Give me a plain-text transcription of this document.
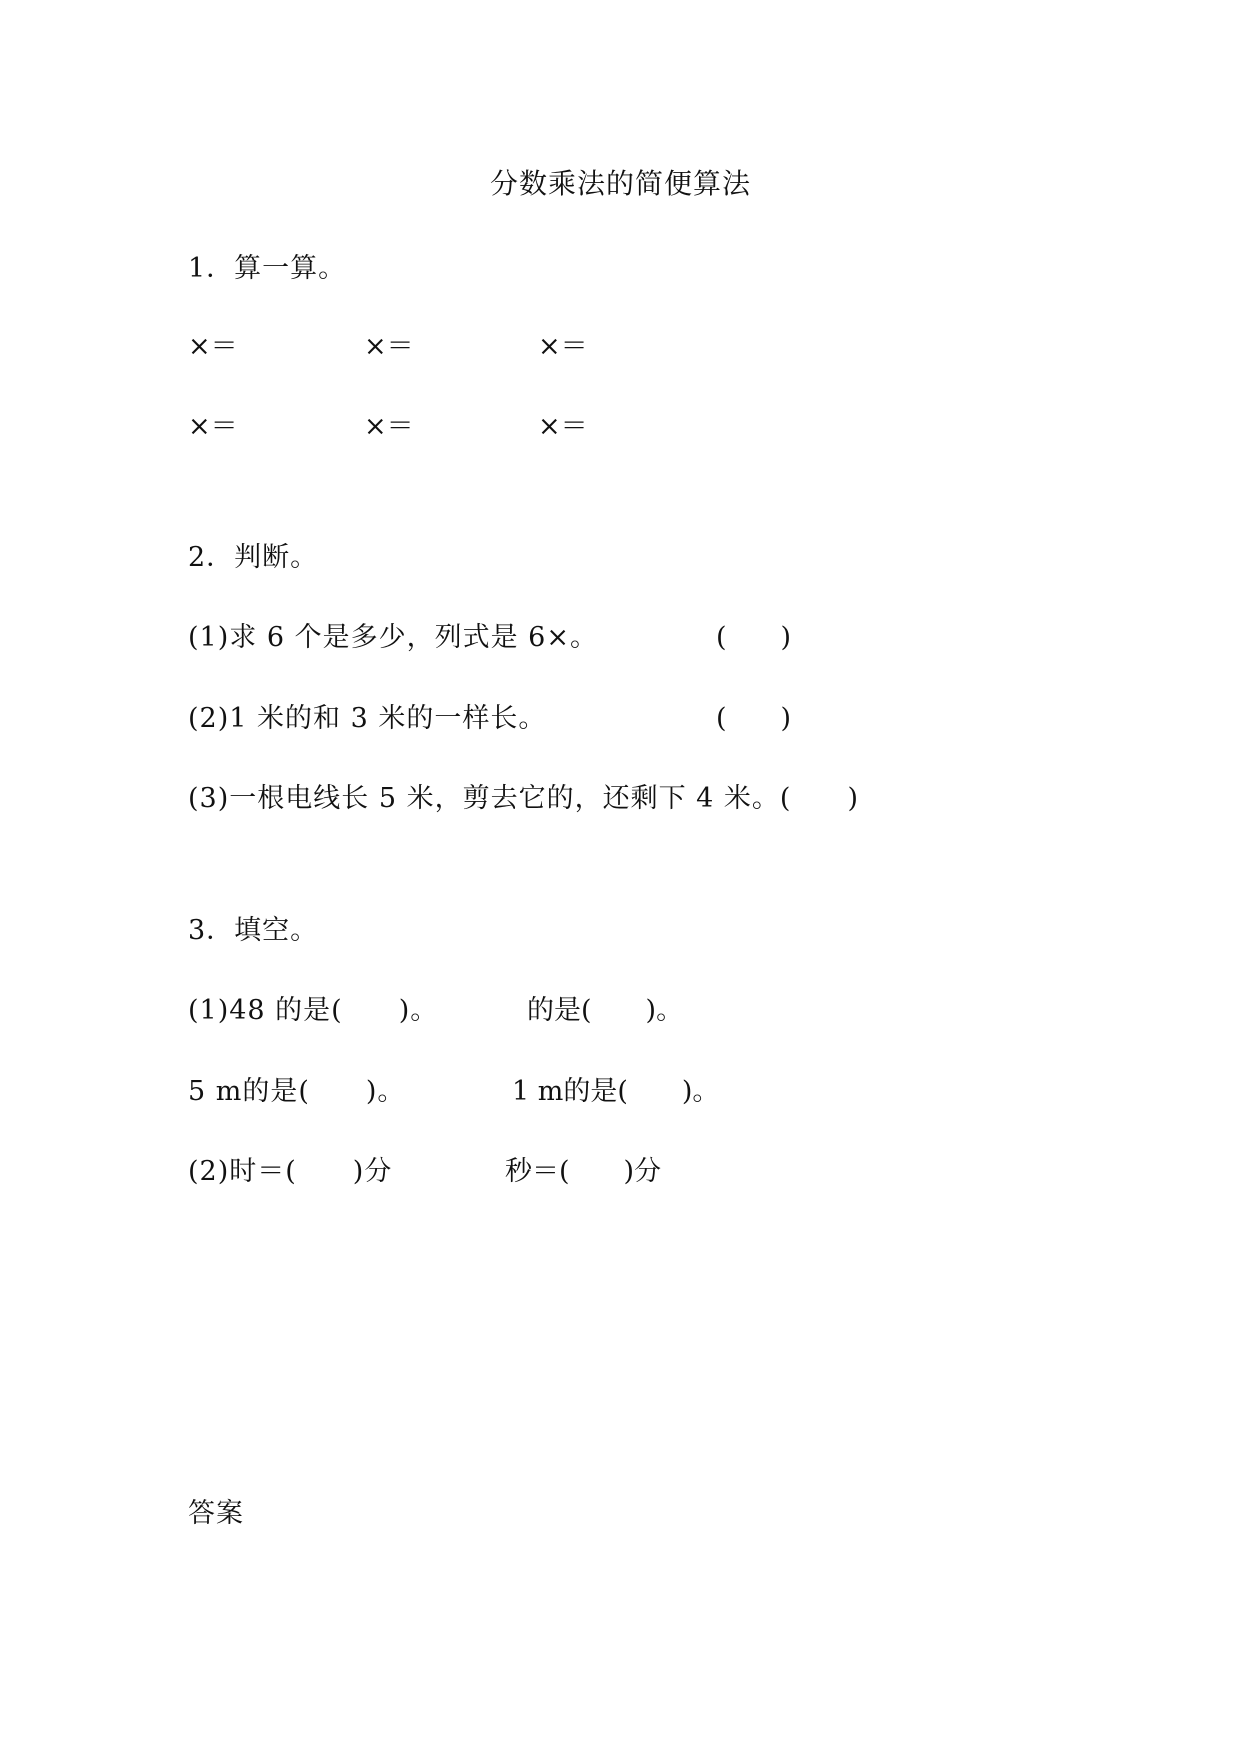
分数乘法的简便算法
1．算一算。
×＝	×＝	×＝
×＝	×＝	×＝
2．判断。
(1)求 6 个是多少，列式是 6×。	(　　)
(2)1 米的和 3 米的一样长。	(　　)
(3)一根电线长 5 米，剪去它的，还剩下 4 米。(　　)
3．填空。
(1)48 的是(　　)。	的是(　　)。
5 m的是(　　)。	1 m的是(　　)。
(2)时＝(　　)分	秒＝(　　)分
答案
